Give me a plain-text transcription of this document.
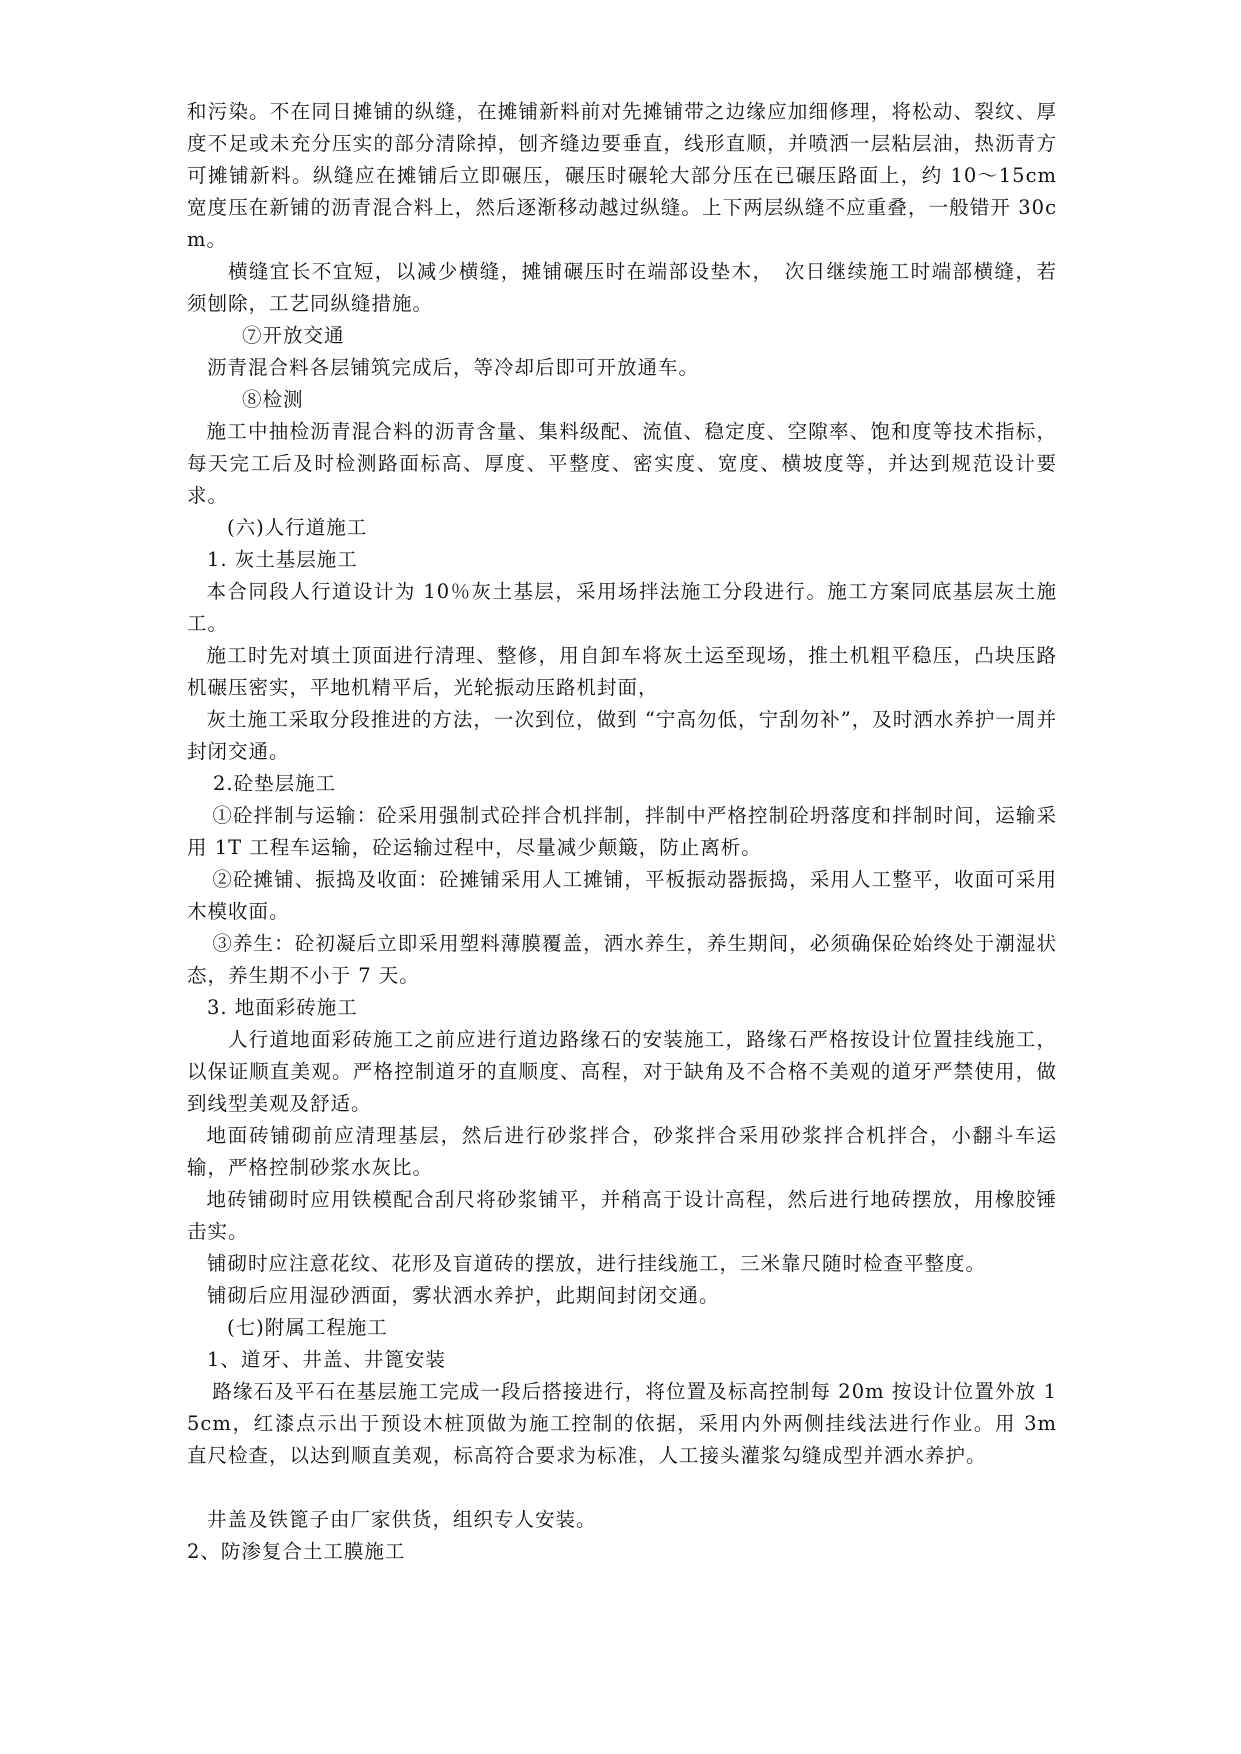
和污染。不在同日摊铺的纵缝，在摊铺新料前对先摊铺带之边缘应加细修理，将松动、裂纹、厚度不足或未充分压实的部分清除掉，刨齐缝边要垂直，线形直顺，并喷洒一层粘层油，热沥青方可摊铺新料。纵缝应在摊铺后立即碾压，碾压时碾轮大部分压在已碾压路面上，约 10～15cm 宽度压在新铺的沥青混合料上，然后逐渐移动越过纵缝。上下两层纵缝不应重叠，一般错开 30cm。

横缝宜长不宜短，以减少横缝，摊铺碾压时在端部设垫木，　次日继续施工时端部横缝，若须刨除，工艺同纵缝措施。

⑦开放交通

沥青混合料各层铺筑完成后，等冷却后即可开放通车。

⑧检测

施工中抽检沥青混合料的沥青含量、集料级配、流值、稳定度、空隙率、饱和度等技术指标，每天完工后及时检测路面标高、厚度、平整度、密实度、宽度、横坡度等，并达到规范设计要求。

(六)人行道施工

1. 灰土基层施工

本合同段人行道设计为 10％灰土基层，采用场拌法施工分段进行。施工方案同底基层灰土施工。

施工时先对填土顶面进行清理、整修，用自卸车将灰土运至现场，推土机粗平稳压，凸块压路机碾压密实，平地机精平后，光轮振动压路机封面，

灰土施工采取分段推进的方法，一次到位，做到 “宁高勿低，宁刮勿补”，及时洒水养护一周并封闭交通。

2.砼垫层施工

①砼拌制与运输：砼采用强制式砼拌合机拌制，拌制中严格控制砼坍落度和拌制时间，运输采用 1T 工程车运输，砼运输过程中，尽量减少颠簸，防止离析。

②砼摊铺、振捣及收面：砼摊铺采用人工摊铺，平板振动器振捣，采用人工整平，收面可采用木模收面。

③养生：砼初凝后立即采用塑料薄膜覆盖，洒水养生，养生期间，必须确保砼始终处于潮湿状态，养生期不小于 7 天。

3. 地面彩砖施工

人行道地面彩砖施工之前应进行道边路缘石的安装施工，路缘石严格按设计位置挂线施工，以保证顺直美观。严格控制道牙的直顺度、高程，对于缺角及不合格不美观的道牙严禁使用，做到线型美观及舒适。

地面砖铺砌前应清理基层，然后进行砂浆拌合，砂浆拌合采用砂浆拌合机拌合，小翻斗车运输，严格控制砂浆水灰比。

地砖铺砌时应用铁模配合刮尺将砂浆铺平，并稍高于设计高程，然后进行地砖摆放，用橡胶锤击实。

铺砌时应注意花纹、花形及盲道砖的摆放，进行挂线施工，三米靠尺随时检查平整度。

铺砌后应用湿砂洒面，雾状洒水养护，此期间封闭交通。

(七)附属工程施工

1、道牙、井盖、井篦安装

路缘石及平石在基层施工完成一段后搭接进行，将位置及标高控制每 20m 按设计位置外放 15cm，红漆点示出于预设木桩顶做为施工控制的依据，采用内外两侧挂线法进行作业。用 3m 直尺检查，以达到顺直美观，标高符合要求为标准，人工接头灌浆勾缝成型并洒水养护。

井盖及铁篦子由厂家供货，组织专人安装。

2、防渗复合土工膜施工
